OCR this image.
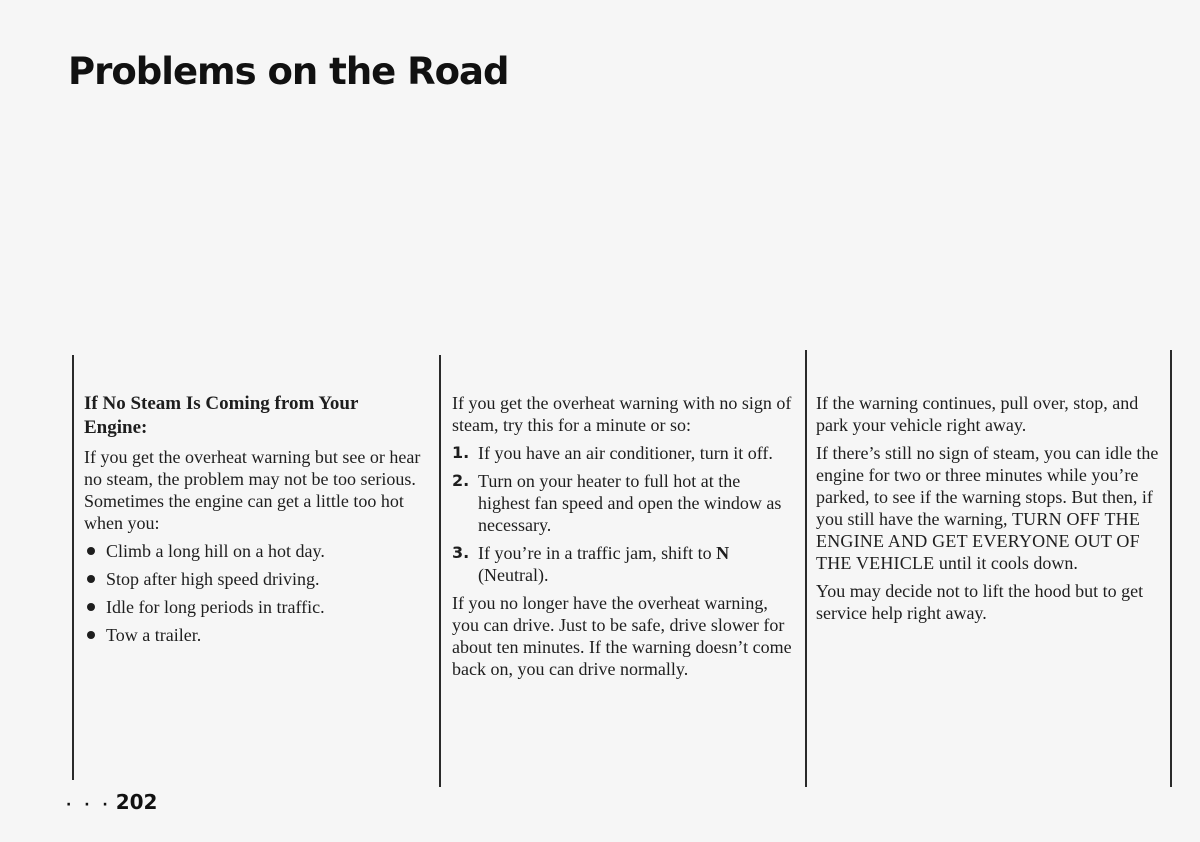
Problems on the Road

If No Steam Is Coming from Your Engine:

If you get the overheat warning but see or hear no steam, the problem may not be too serious. Sometimes the engine can get a little too hot when you:

Climb a long hill on a hot day.
Stop after high speed driving.
Idle for long periods in traffic.
Tow a trailer.

If you get the overheat warning with no sign of steam, try this for a minute or so:

1. If you have an air conditioner, turn it off.
2. Turn on your heater to full hot at the highest fan speed and open the window as necessary.
3. If you’re in a traffic jam, shift to N (Neutral).

If you no longer have the overheat warning, you can drive. Just to be safe, drive slower for about ten minutes. If the warning doesn’t come back on, you can drive normally.

If the warning continues, pull over, stop, and park your vehicle right away.

If there’s still no sign of steam, you can idle the engine for two or three minutes while you’re parked, to see if the warning stops. But then, if you still have the warning, TURN OFF THE ENGINE AND GET EVERYONE OUT OF THE VEHICLE until it cools down.

You may decide not to lift the hood but to get service help right away.

· · · 202
